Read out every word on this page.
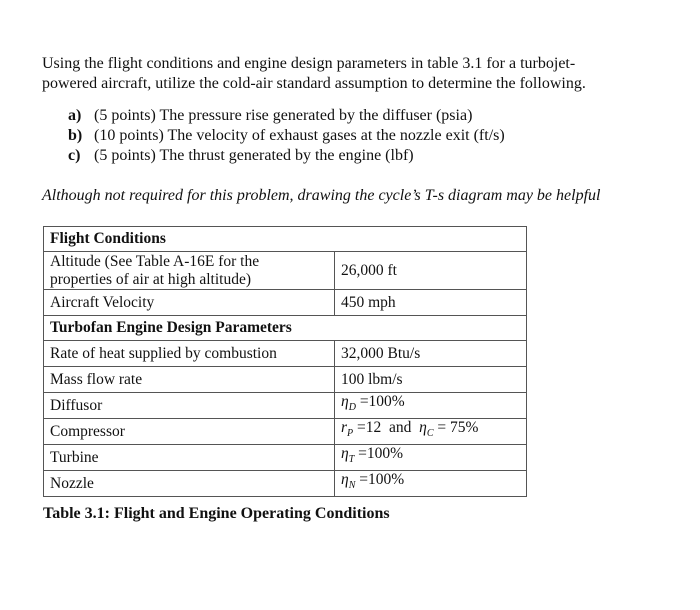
Using the flight conditions and engine design parameters in table 3.1 for a turbojet-
powered aircraft, utilize the cold-air standard assumption to determine the following.

a) (5 points) The pressure rise generated by the diffuser (psia)
b) (10 points) The velocity of exhaust gases at the nozzle exit (ft/s)
c) (5 points) The thrust generated by the engine (lbf)

Although not required for this problem, drawing the cycle’s T-s diagram may be helpful

Flight Conditions	
Altitude (See Table A-16E for the
properties of air at high altitude)	26,000 ft
Aircraft Velocity	450 mph
Turbofan Engine Design Parameters	
Rate of heat supplied by combustion	32,000 Btu/s
Mass flow rate	100 lbm/s
Diffusor	$\eta_D =100\%$
Compressor	$r_P =12$ and $\eta_C = 75\%$
Turbine	$\eta_T =100\%$
Nozzle	$\eta_N =100\%$

Table 3.1: Flight and Engine Operating Conditions
